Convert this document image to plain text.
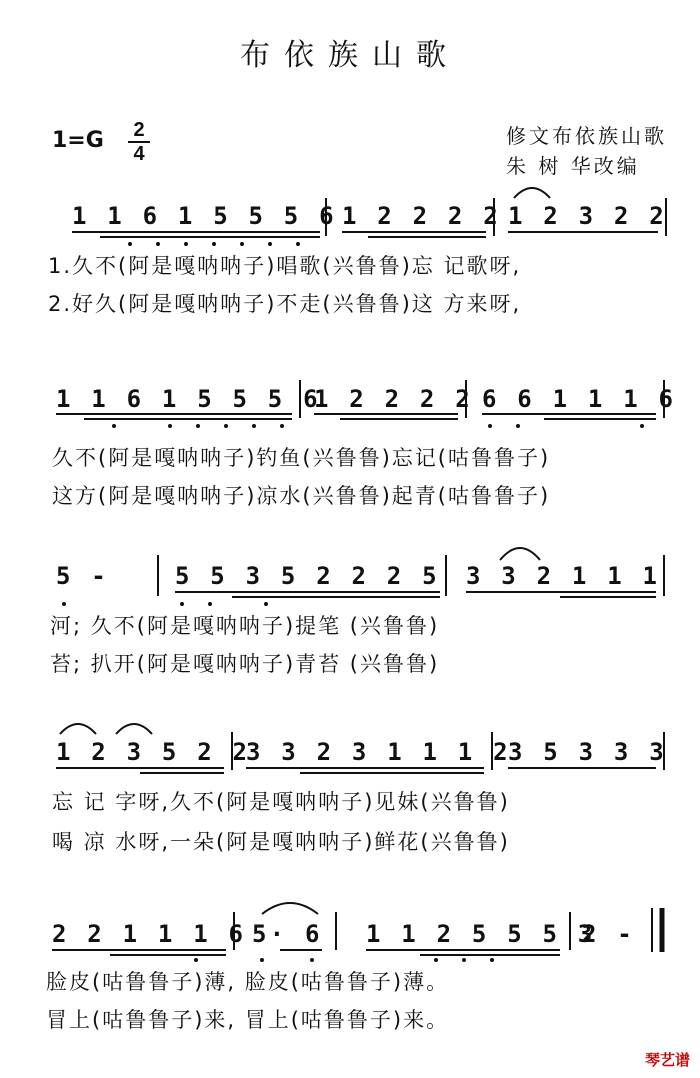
布依族山歌
1=G 2
4
修文布依族山歌
朱 树 华改编
1 1 6 1 5 5 5 6 1 2 2 2 2 1 2 3 2 2
1.久不(阿是嘎呐呐子)唱歌(兴鲁鲁)忘 记歌呀,
2.好久(阿是嘎呐呐子)不走(兴鲁鲁)这 方来呀,
1 1 6 1 5 5 5 6
1 2 2 2 2 6 6 1 1 1 6
久不(阿是嘎呐呐子)钓鱼(兴鲁鲁)忘记(咕鲁鲁子)
这方(阿是嘎呐呐子)凉水(兴鲁鲁)起青(咕鲁鲁子)
5 -	5 5 3 5 2 2 2 5 3 3 2 1 1 1
河; 久不(阿是嘎呐呐子)提笔 (兴鲁鲁)
苔; 扒开(阿是嘎呐呐子)青苔 (兴鲁鲁)
1 2 3 5 2 2
3 3 2 3 1 1 1 2
3 5 3 3 3
忘 记 字呀,久不(阿是嘎呐呐子)见妹(兴鲁鲁)
喝 凉 水呀,一朵(阿是嘎呐呐子)鲜花(兴鲁鲁)
2 2 1 1 1 6 5· 6 1 1 2 5 5 5 3
2 -
脸皮(咕鲁鲁子)薄, 脸皮(咕鲁鲁子)薄。
冒上(咕鲁鲁子)来, 冒上(咕鲁鲁子)来。
琴艺谱
